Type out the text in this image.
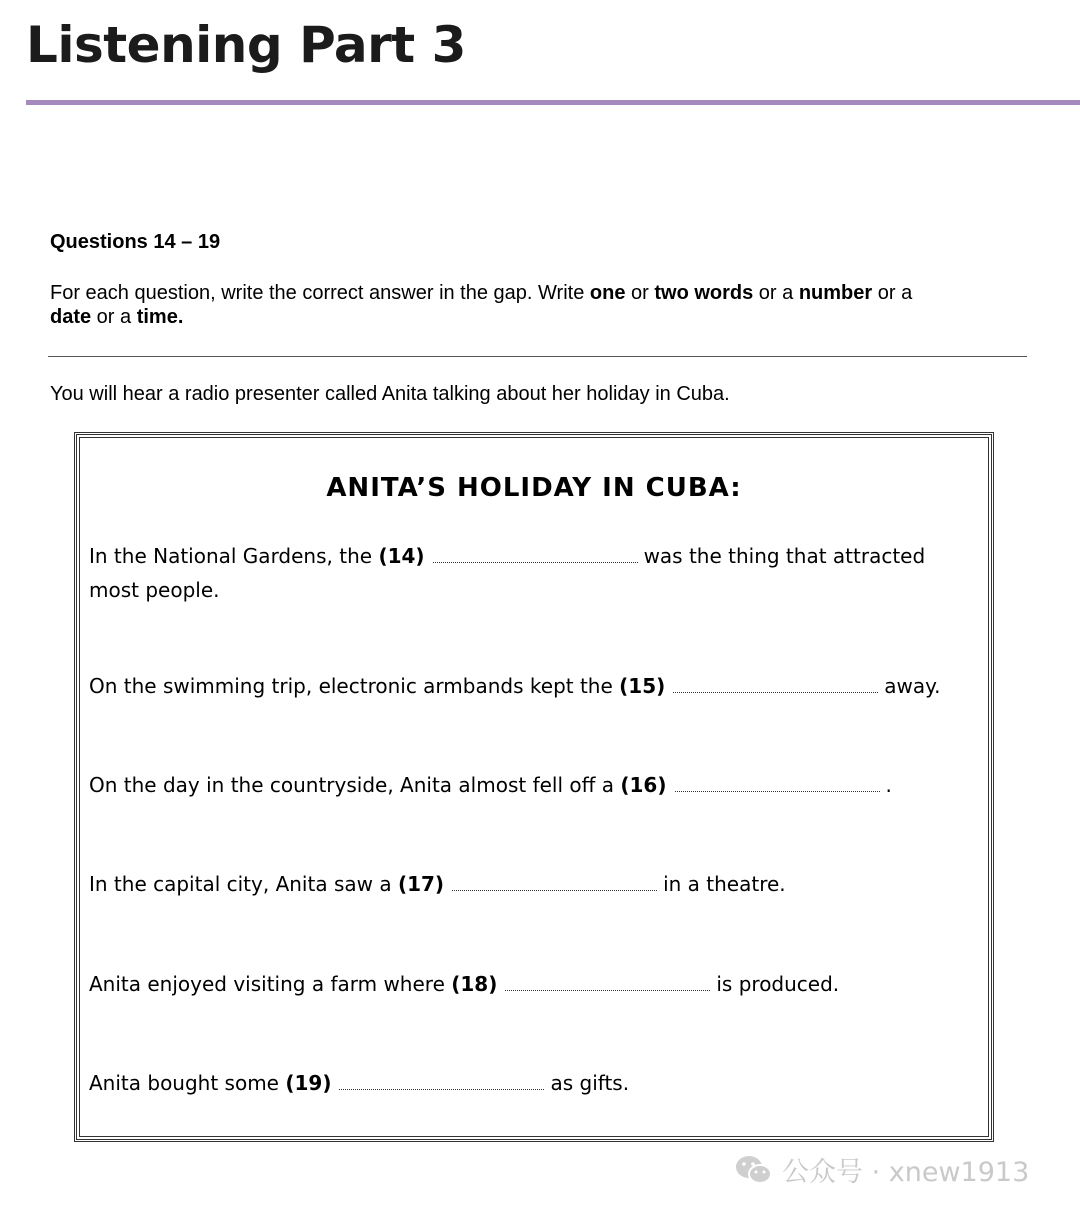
Listening Part 3
Questions 14 – 19
For each question, write the correct answer in the gap. Write one or two words or a number or a
date or a time.
You will hear a radio presenter called Anita talking about her holiday in Cuba.
ANITA’S HOLIDAY IN CUBA:
In the National Gardens, the (14)	was the thing that attracted most people.
On the swimming trip, electronic armbands kept the (15)	away.
On the day in the countryside, Anita almost fell off a (16)	.
In the capital city, Anita saw a (17)	in a theatre.
Anita enjoyed visiting a farm where (18)	is produced.
Anita bought some (19)	as gifts.
公众号 · xnew1913
